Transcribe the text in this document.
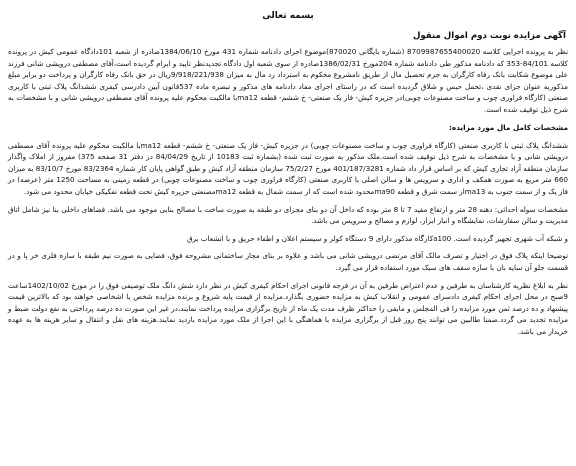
بسمه تعالی
آگهی مزایده نوبت دوم اموال منقول

نظر به پرونده اجرایی کلاسه 8709987655400020 (شماره بایگانی 870020)موضوع اجرای دادنامه شماره 431 مورخ 1384/06/10صادره از شعبه 101دادگاه عمومی کیش در پرونده کلاسه 84/101-353 که دادنامه مذکور طی دادنامه شماره 204مورخ 1386/02/31صادره از سوی شعبه اول دادگاه تجدیدنظر تایید و ابرام گردیده است،آقای مصطفی درویشی شانی فرزند علی موضوع شکایت بانک رفاه کارگران به جرم تحصیل مال از طریق نامشروع محکوم به استرداد رد مال به میزان 9/918/221/938ریال در حق بانک رفاه کارگران و پرداخت دو برابر مبلغ مذکوربه عنوان جزای نقدی ،تحمل حبس و شلاق گردیده است که در راستای اجرای مفاد دادنامه های مذکور و تبصره ماده 537قانون آیین دادرسی کیفری ششدانگ پلاک ثبتی با کاربری صنعتی (کارگاه فراوری چوب و ساخت مصنوعات چوبی)در جزیره کیش- فاز یک صنعتی- خ ششم- قطعه ma12با مالکیت محکوم علیه پرونده آقای مصطفی درویشی شانی و با مشخصات به شرح ذیل توقیف شده است.

مشخصات کامل مال مورد مزایده:

ششدانگ پلاک ثبتی با کاربری صنعتی (کارگاه فراوری چوب و ساخت مصنوعات چوبی) در جزیره کیش- فاز یک صنعتی- خ ششم- قطعه ma12با مالکیت محکوم علیه پرونده آقای مصطفی درویشی شانی و با مشخصات به شرح ذیل توقیف شده است.ملک مذکور به صورت ثبت شده (بشماره ثبت 10183 از تاریخ 84/04/29 در دفتر 31 صفحه 375) مفروز از املاک واگذار سازمان منطقه آزاد تجاری کیش که بر اساس قرار داد شماره 401/187/3281 مورخ 75/2/27 سازمان منطقه آزاد کیش و طبق گواهی پایان کار شماره 83/2364 مورخ 83/10/7 به میزان 660 متر مربع به صورت همکف و اداری و سرویس ها و سالن اصلی با کاربری صنعتی (کارگاه فراوری چوب و ساخت مصنوعات چوبی) در قطعه زمینی به مساحت 1250 متر (عرصه) در فاز یک و از سمت جنوب به ma13از سمت شرق و قطعه ma90محدود شده است که از سمت شمال به قطعه ma12مصنعتی جزیره کیش تحت قطعه تفکیکی خیابان محدود می شود.

مشخصات سوله احداثی: دهنه 28 متر و ارتفاع مفید 7 تا 8 متر بوده که داخل آن دو بنای مجزای دو طبقه به صورت ساخت با مصالح بنایی موجود می باشد. فضاهای داخلی بنا نیز شامل اتاق مدیریت و سالن سفارشات، نمایشگاه و انبار ابزار، لوازم و مصالح و سرویس می باشد.

و شبکه آب شهری تجهیز گردیده است. a100کارگاه مذکور دارای 9 دستگاه کولر و سیستم اعلان و اطفاء حریق و با انشعاب برق

توضیحا اینکه پلاک فوق در اختیار و تصرف مالک آقای مرتضی درویشی شانی می باشد و علاوه بر بنای مجاز ساختمانی مشروحه فوق، فضایی به صورت نیم طبقه با سازه فلزی خر پا و در قسمت جلو آن سایه بان با سازه سقف های سبک مورد استفاده قرار می گیرد.

نظر به ابلاغ نظریه کارشناسان به طرفین و عدم اعتراض طرفین به آن در فرجه قانونی اجرای احکام کیفری کیش در نظر دارد شش دانگ ملک توصیفی فوق را در مورخ 1402/10/02ساعت 9صبح در محل اجرای احکام کیفری دادسرای عمومی و انقلاب کیش به مزایده حضوری بگذارد.مزایده از قیمت پایه شروع و برنده مزایده شخص یا اشخاصی خواهند بود که بالاترین قیمت پیشنهاد و ده درصد ثمن مورد مزایده را فی المجلس و مابقی را حداکثر ظرف مدت یک ماه از تاریخ برگزاری مزایده پرداخت نمایند،در غیر این صورت ده درصد پرداختی به نفع دولت ضبط و مزایده تجدید می گردد.ضمنا طالبین می توانند پنج روز قبل از برگزاری مزایده با هماهنگی با این اجرا از ملک مورد مزایده بازدید نمایند.هزینه های نقل و انتقال و سایر هزینه ها به عهده خریدار می باشد.
